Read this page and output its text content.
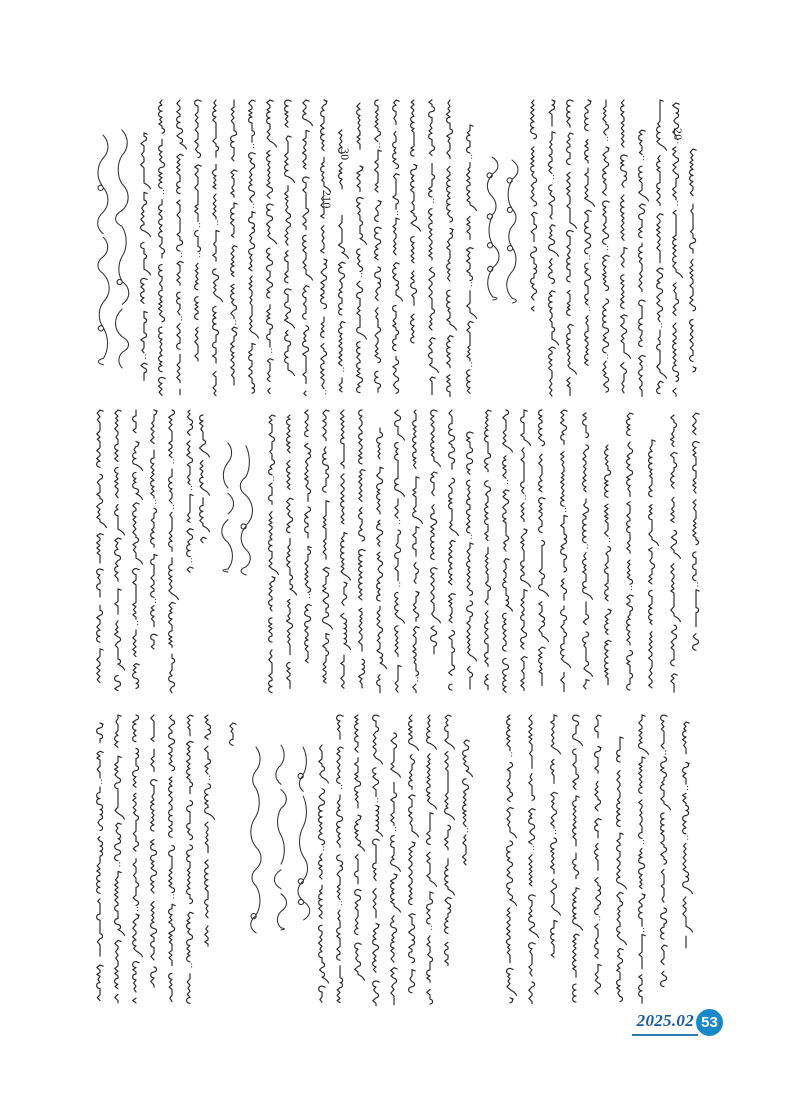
210
30
20
2025.02 53
